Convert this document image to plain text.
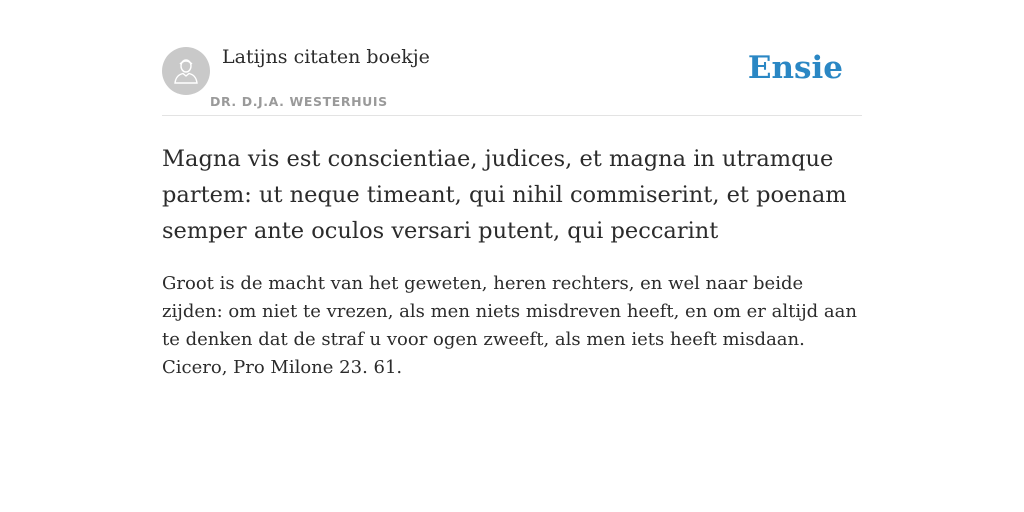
Latijns citaten boekje
DR. D.J.A. WESTERHUIS
Ensie
Magna vis est conscientiae, judices, et magna in utramque partem: ut neque timeant, qui nihil commiserint, et poenam semper ante oculos versari putent, qui peccarint

Groot is de macht van het geweten, heren rechters, en wel naar beide zijden: om niet te vrezen, als men niets misdreven heeft, en om er altijd aan te denken dat de straf u voor ogen zweeft, als men iets heeft misdaan. Cicero, Pro Milone 23. 61.
